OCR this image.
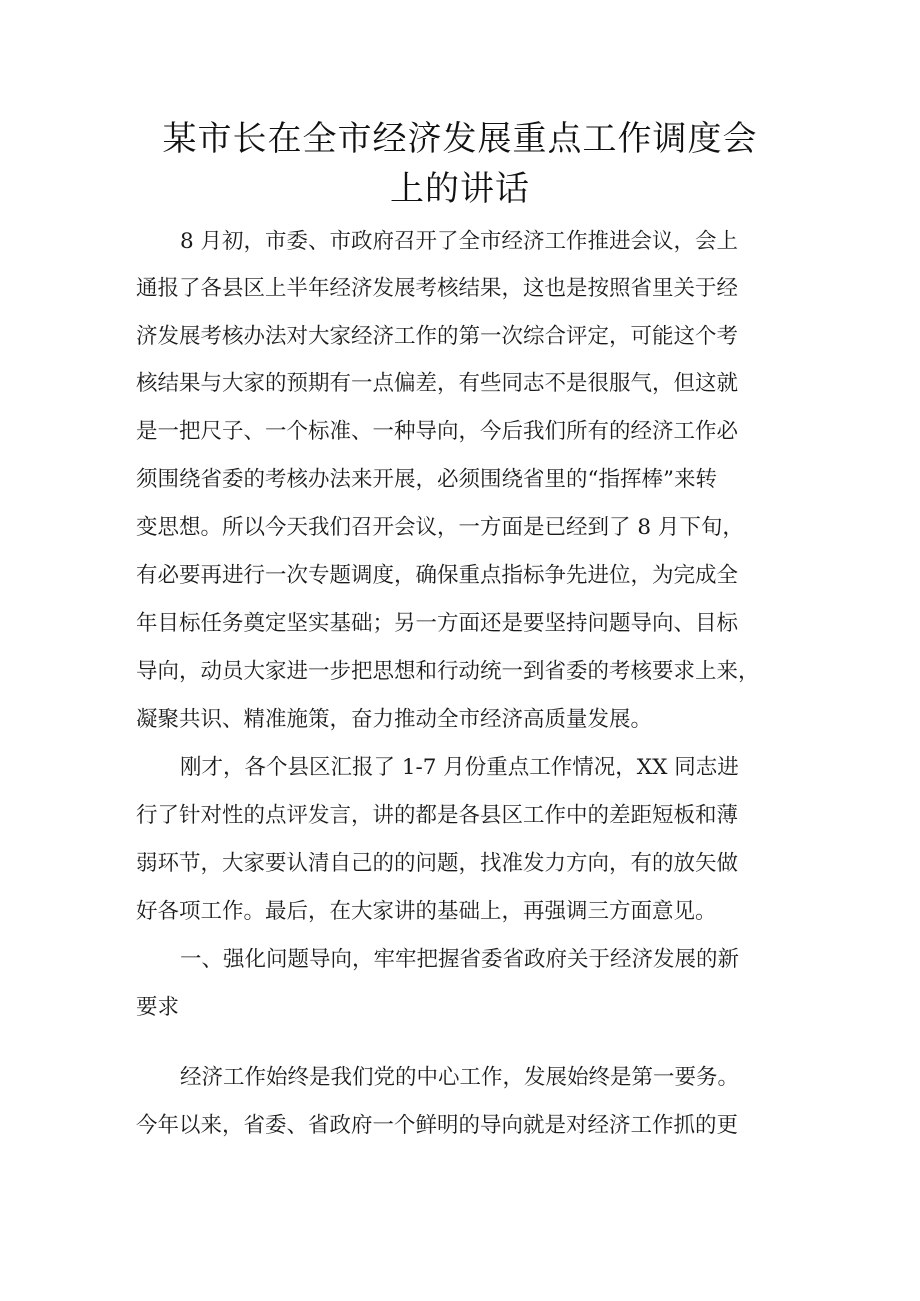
某市长在全市经济发展重点工作调度会
上的讲话
8 月初，市委、市政府召开了全市经济工作推进会议，会上
通报了各县区上半年经济发展考核结果，这也是按照省里关于经
济发展考核办法对大家经济工作的第一次综合评定，可能这个考
核结果与大家的预期有一点偏差，有些同志不是很服气，但这就
是一把尺子、一个标准、一种导向，今后我们所有的经济工作必
须围绕省委的考核办法来开展，必须围绕省里的“指挥棒”来转
变思想。所以今天我们召开会议，一方面是已经到了 8 月下旬，
有必要再进行一次专题调度，确保重点指标争先进位，为完成全
年目标任务奠定坚实基础；另一方面还是要坚持问题导向、目标
导向，动员大家进一步把思想和行动统一到省委的考核要求上来，
凝聚共识、精准施策，奋力推动全市经济高质量发展。
刚才，各个县区汇报了 1-7 月份重点工作情况，XX 同志进
行了针对性的点评发言，讲的都是各县区工作中的差距短板和薄
弱环节，大家要认清自己的的问题，找准发力方向，有的放矢做
好各项工作。最后，在大家讲的基础上，再强调三方面意见。
一、强化问题导向，牢牢把握省委省政府关于经济发展的新
要求
经济工作始终是我们党的中心工作，发展始终是第一要务。
今年以来，省委、省政府一个鲜明的导向就是对经济工作抓的更
